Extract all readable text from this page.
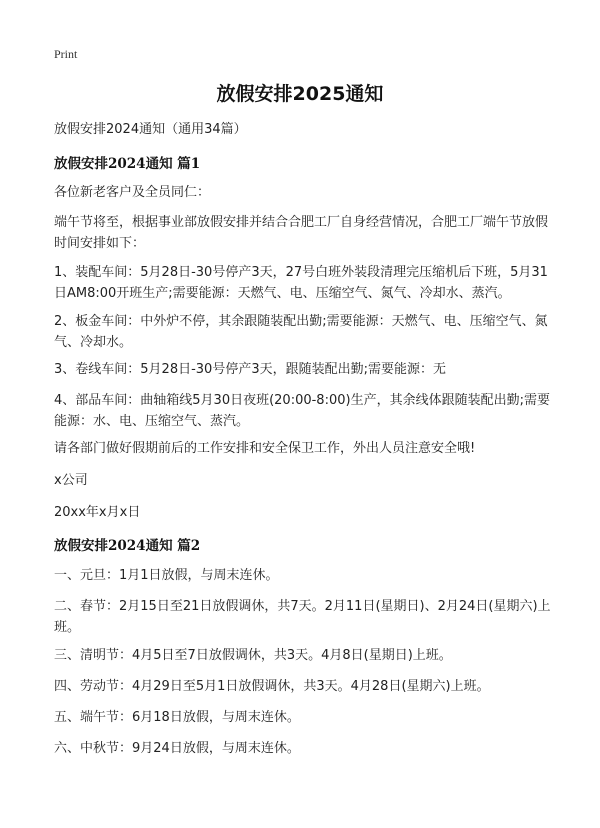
Print
放假安排2025通知

放假安排2024通知（通用34篇）

放假安排2024通知 篇1

各位新老客户及全员同仁：

端午节将至，根据事业部放假安排并结合合肥工厂自身经营情况，合肥工厂端午节放假时间安排如下：

1、装配车间：5月28日-30号停产3天，27号白班外装段清理完压缩机后下班，5月31日AM8:00开班生产;需要能源：天燃气、电、压缩空气、氮气、冷却水、蒸汽。

2、板金车间：中外炉不停，其余跟随装配出勤;需要能源：天燃气、电、压缩空气、氮气、冷却水。

3、卷线车间：5月28日-30号停产3天，跟随装配出勤;需要能源：无

4、部品车间：曲轴箱线5月30日夜班(20:00-8:00)生产，其余线体跟随装配出勤;需要能源：水、电、压缩空气、蒸汽。

请各部门做好假期前后的工作安排和安全保卫工作，外出人员注意安全哦!

x公司

20xx年x月x日

放假安排2024通知 篇2

一、元旦：1月1日放假，与周末连休。

二、春节：2月15日至21日放假调休，共7天。2月11日(星期日)、2月24日(星期六)上班。

三、清明节：4月5日至7日放假调休，共3天。4月8日(星期日)上班。

四、劳动节：4月29日至5月1日放假调休，共3天。4月28日(星期六)上班。

五、端午节：6月18日放假，与周末连休。

六、中秋节：9月24日放假，与周末连休。
